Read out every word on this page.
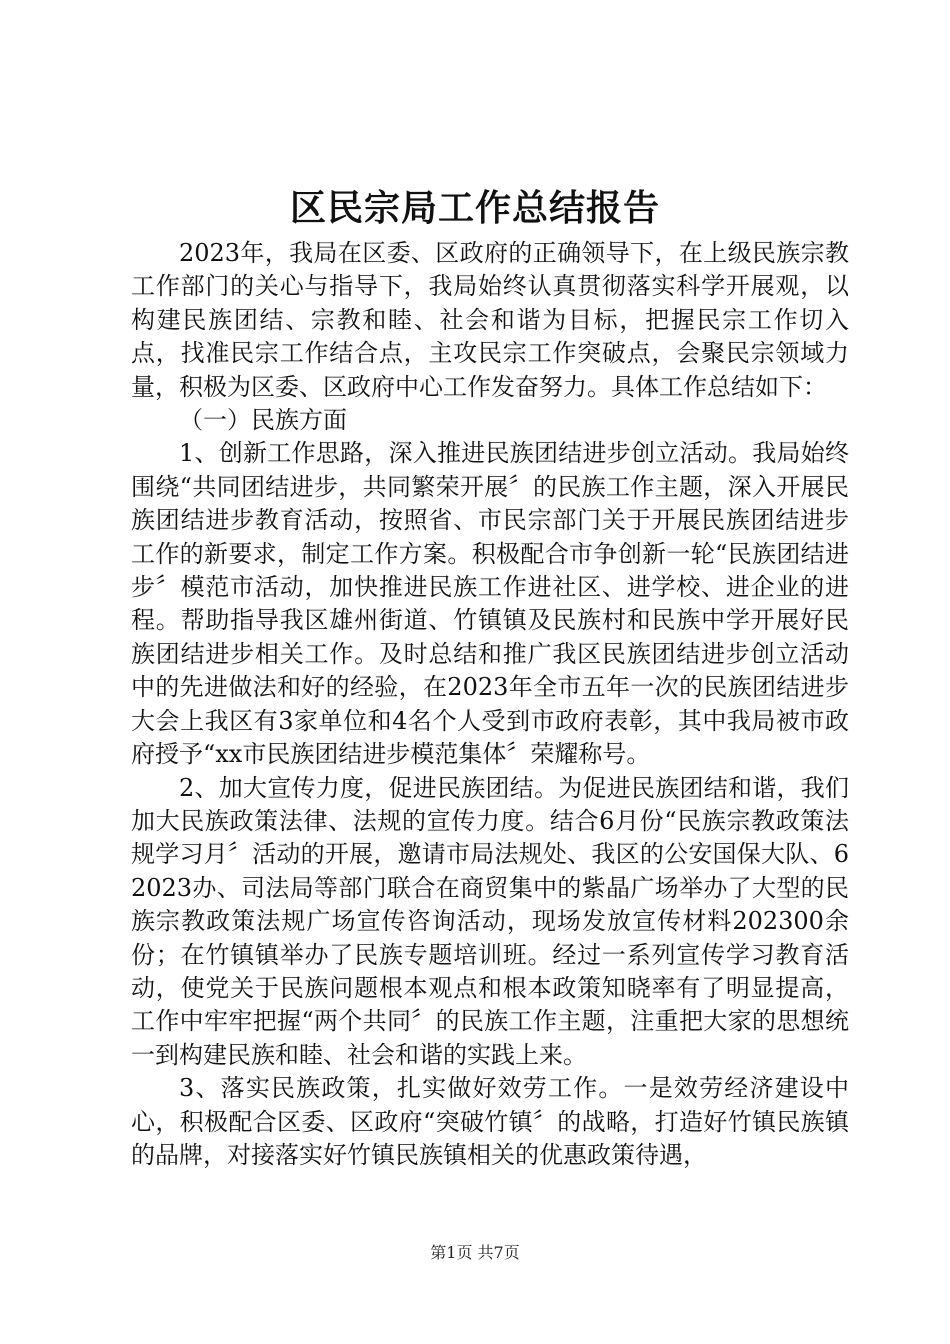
区民宗局工作总结报告

2023年，我局在区委、区政府的正确领导下，在上级民族宗教工作部门的关心与指导下，我局始终认真贯彻落实科学开展观，以构建民族团结、宗教和睦、社会和谐为目标，把握民宗工作切入点，找准民宗工作结合点，主攻民宗工作突破点，会聚民宗领域力量，积极为区委、区政府中心工作发奋努力。具体工作总结如下：

（一）民族方面

1、创新工作思路，深入推进民族团结进步创立活动。我局始终围绕“共同团结进步，共同繁荣开展〞的民族工作主题，深入开展民族团结进步教育活动，按照省、市民宗部门关于开展民族团结进步工作的新要求，制定工作方案。积极配合市争创新一轮“民族团结进步〞模范市活动，加快推进民族工作进社区、进学校、进企业的进程。帮助指导我区雄州街道、竹镇镇及民族村和民族中学开展好民族团结进步相关工作。及时总结和推广我区民族团结进步创立活动中的先进做法和好的经验，在2023年全市五年一次的民族团结进步大会上我区有3家单位和4名个人受到市政府表彰，其中我局被市政府授予“xx市民族团结进步模范集体〞荣耀称号。

2、加大宣传力度，促进民族团结。为促进民族团结和谐，我们加大民族政策法律、法规的宣传力度。结合6月份“民族宗教政策法规学习月〞活动的开展，邀请市局法规处、我区的公安国保大队、62023办、司法局等部门联合在商贸集中的紫晶广场举办了大型的民族宗教政策法规广场宣传咨询活动，现场发放宣传材料202300余份；在竹镇镇举办了民族专题培训班。经过一系列宣传学习教育活动，使党关于民族问题根本观点和根本政策知晓率有了明显提高，工作中牢牢把握“两个共同〞的民族工作主题，注重把大家的思想统一到构建民族和睦、社会和谐的实践上来。

3、落实民族政策，扎实做好效劳工作。一是效劳经济建设中心，积极配合区委、区政府“突破竹镇〞的战略，打造好竹镇民族镇的品牌，对接落实好竹镇民族镇相关的优惠政策待遇，

第1页 共7页
